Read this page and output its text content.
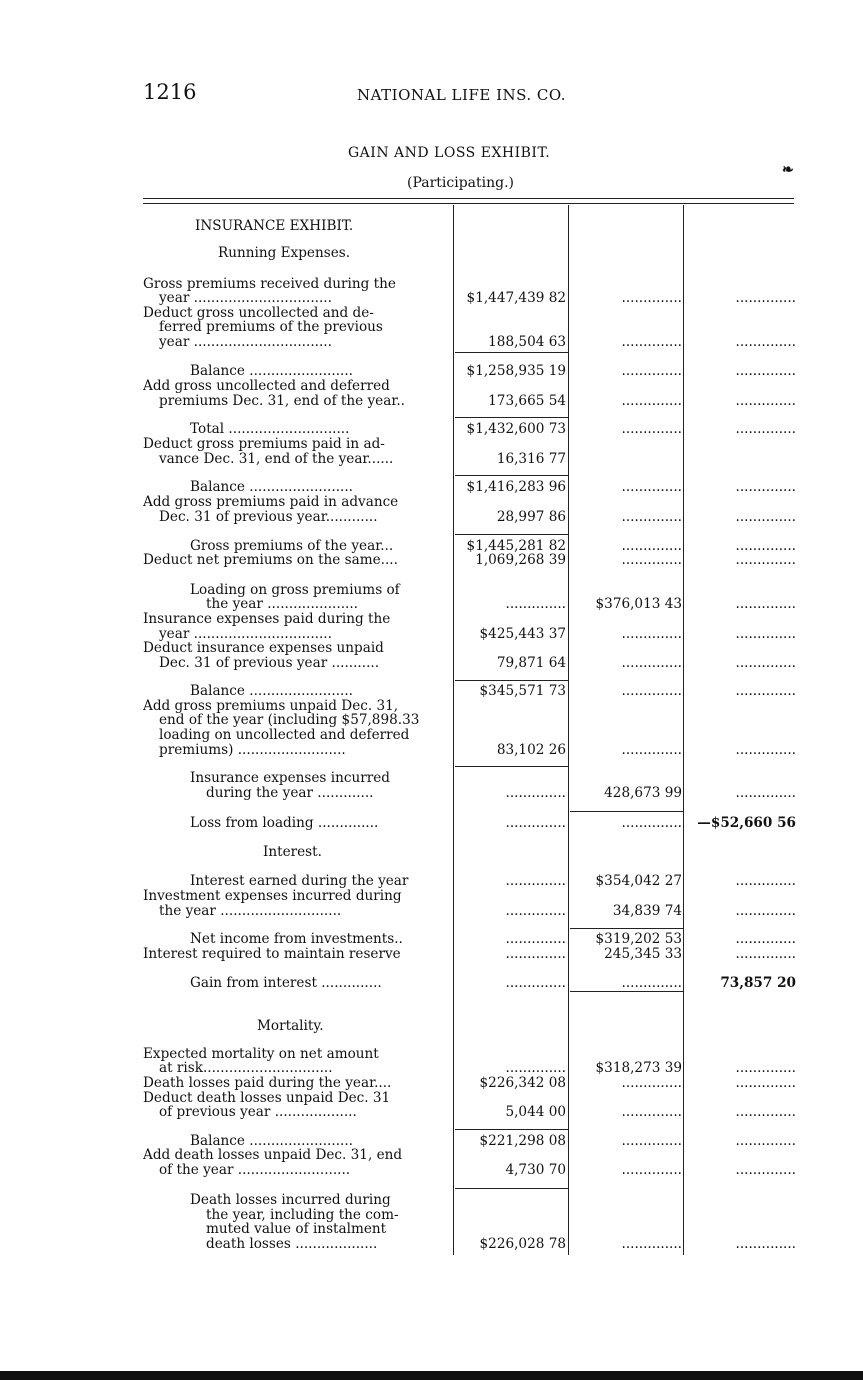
1216	NATIONAL LIFE INS. CO.
GAIN AND LOSS EXHIBIT.
(Participating.)
❧
INSURANCE EXHIBIT.
Running Expenses.
Gross premiums received during the
year ................................	$1,447,439 82	..............	..............
Deduct gross uncollected and de-
ferred premiums of the previous
year ................................	188,504 63	..............	..............
Balance ........................	$1,258,935 19	..............	..............
Add gross uncollected and deferred
premiums Dec. 31, end of the year..	173,665 54	..............	..............
Total ............................	$1,432,600 73	..............	..............
Deduct gross premiums paid in ad-
vance Dec. 31, end of the year......	16,316 77
Balance ........................	$1,416,283 96	..............	..............
Add gross premiums paid in advance
Dec. 31 of previous year............	28,997 86	..............	..............
Gross premiums of the year...	$1,445,281 82	..............	..............
Deduct net premiums on the same....	1,069,268 39	..............	..............
Loading on gross premiums of
the year .....................	..............	$376,013 43	..............
Insurance expenses paid during the
year ................................	$425,443 37	..............	..............
Deduct insurance expenses unpaid
Dec. 31 of previous year ...........	79,871 64	..............	..............
Balance ........................	$345,571 73	..............	..............
Add gross premiums unpaid Dec. 31,
end of the year (including $57,898.33
loading on uncollected and deferred
premiums) .........................	83,102 26	..............	..............
Insurance expenses incurred
during the year .............	..............	428,673 99	..............
Loss from loading ..............	..............	..............	—$52,660 56
Interest.
Interest earned during the year	..............	$354,042 27	..............
Investment expenses incurred during
the year ............................	..............	34,839 74	..............
Net income from investments..	..............	$319,202 53	..............
Interest required to maintain reserve	..............	245,345 33	..............
Gain from interest ..............	..............	..............	73,857 20
Mortality.
Expected mortality on net amount
at risk..............................	..............	$318,273 39	..............
Death losses paid during the year....	$226,342 08	..............	..............
Deduct death losses unpaid Dec. 31
of previous year ...................	5,044 00	..............	..............
Balance ........................	$221,298 08	..............	..............
Add death losses unpaid Dec. 31, end
of the year ..........................	4,730 70	..............	..............
Death losses incurred during
the year, including the com-
muted value of instalment
death losses ...................	$226,028 78	..............	..............
